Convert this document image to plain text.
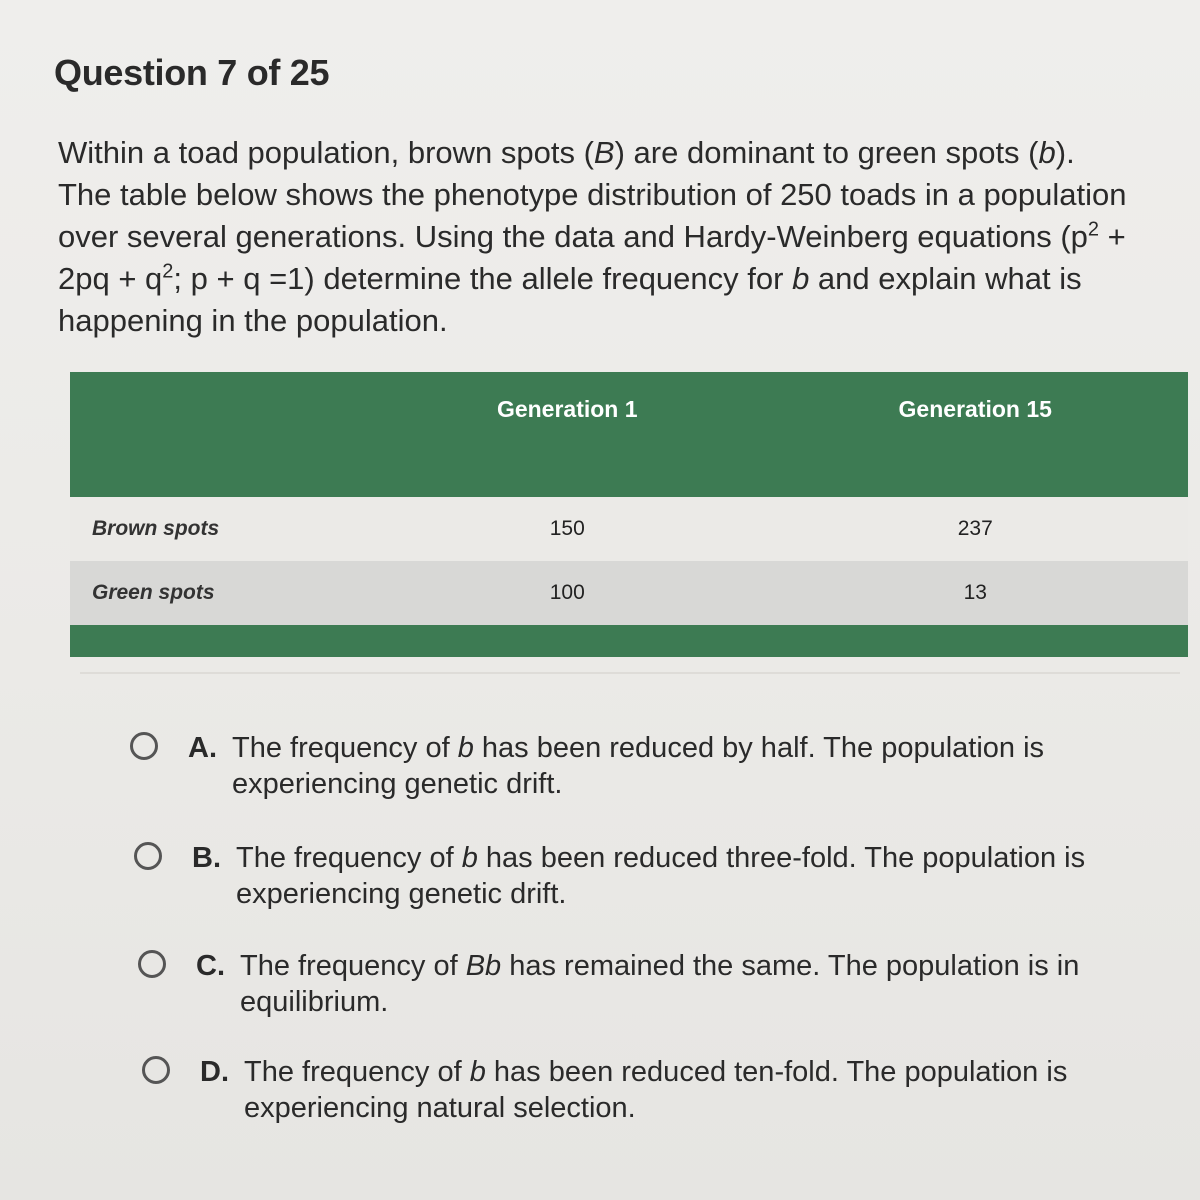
Question 7 of 25
Within a toad population, brown spots (B) are dominant to green spots (b).
The table below shows the phenotype distribution of 250 toads in a population over several generations. Using the data and Hardy-Weinberg equations ($p^2 + 2pq + q^2$; p + q =1) determine the allele frequency for b and explain what is happening in the population.
	Generation 1	Generation 15
Brown spots	150	237
Green spots	100	13

A. The frequency of b has been reduced by half. The population is experiencing genetic drift.
B. The frequency of b has been reduced three-fold. The population is experiencing genetic drift.
C. The frequency of Bb has remained the same. The population is in equilibrium.
D. The frequency of b has been reduced ten-fold. The population is experiencing natural selection.
